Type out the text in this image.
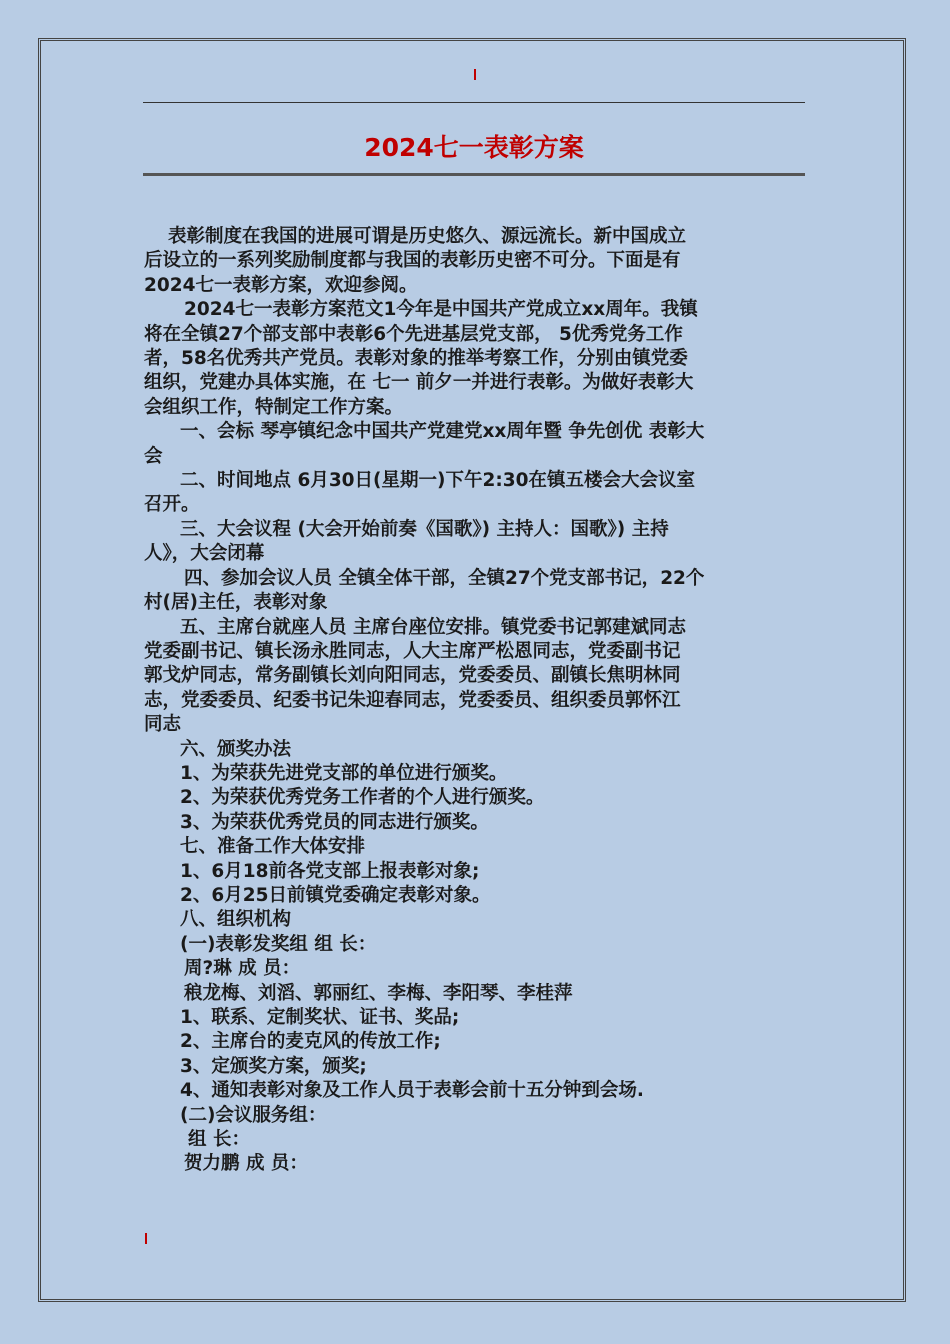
2024七一表彰方案

表彰制度在我国的进展可谓是历史悠久、源远流长。新中国成立

后设立的一系列奖励制度都与我国的表彰历史密不可分。下面是有

2024七一表彰方案，欢迎参阅。

2024七一表彰方案范文1今年是中国共产党成立xx周年。我镇

将在全镇27个部支部中表彰6个先进基层党支部， 5优秀党务工作

者，58名优秀共产党员。表彰对象的推举考察工作，分别由镇党委

组织，党建办具体实施，在 七一 前夕一并进行表彰。为做好表彰大

会组织工作，特制定工作方案。

一、会标 琴亭镇纪念中国共产党建党xx周年暨 争先创优 表彰大

会

二、时间地点 6月30日(星期一)下午2:30在镇五楼会大会议室

召开。

三、大会议程 (大会开始前奏《国歌》) 主持人：国歌》) 主持

人》，大会闭幕

四、参加会议人员 全镇全体干部，全镇27个党支部书记，22个

村(居)主任，表彰对象

五、主席台就座人员 主席台座位安排。镇党委书记郭建斌同志

党委副书记、镇长汤永胜同志，人大主席严松恩同志，党委副书记

郭戈炉同志，常务副镇长刘向阳同志，党委委员、副镇长焦明林同

志，党委委员、纪委书记朱迎春同志，党委委员、组织委员郭怀江

同志

六、颁奖办法

1、为荣获先进党支部的单位进行颁奖。

2、为荣获优秀党务工作者的个人进行颁奖。

3、为荣获优秀党员的同志进行颁奖。

七、准备工作大体安排

1、6月18前各党支部上报表彰对象;

2、6月25日前镇党委确定表彰对象。

八、组织机构

(一)表彰发奖组 组 长：

周?琳 成 员：

稂龙梅、刘滔、郭丽红、李梅、李阳琴、李桂萍

1、联系、定制奖状、证书、奖品;

2、主席台的麦克风的传放工作;

3、定颁奖方案，颁奖;

4、通知表彰对象及工作人员于表彰会前十五分钟到会场.

(二)会议服务组：

组 长：

贺力鹏 成 员：
